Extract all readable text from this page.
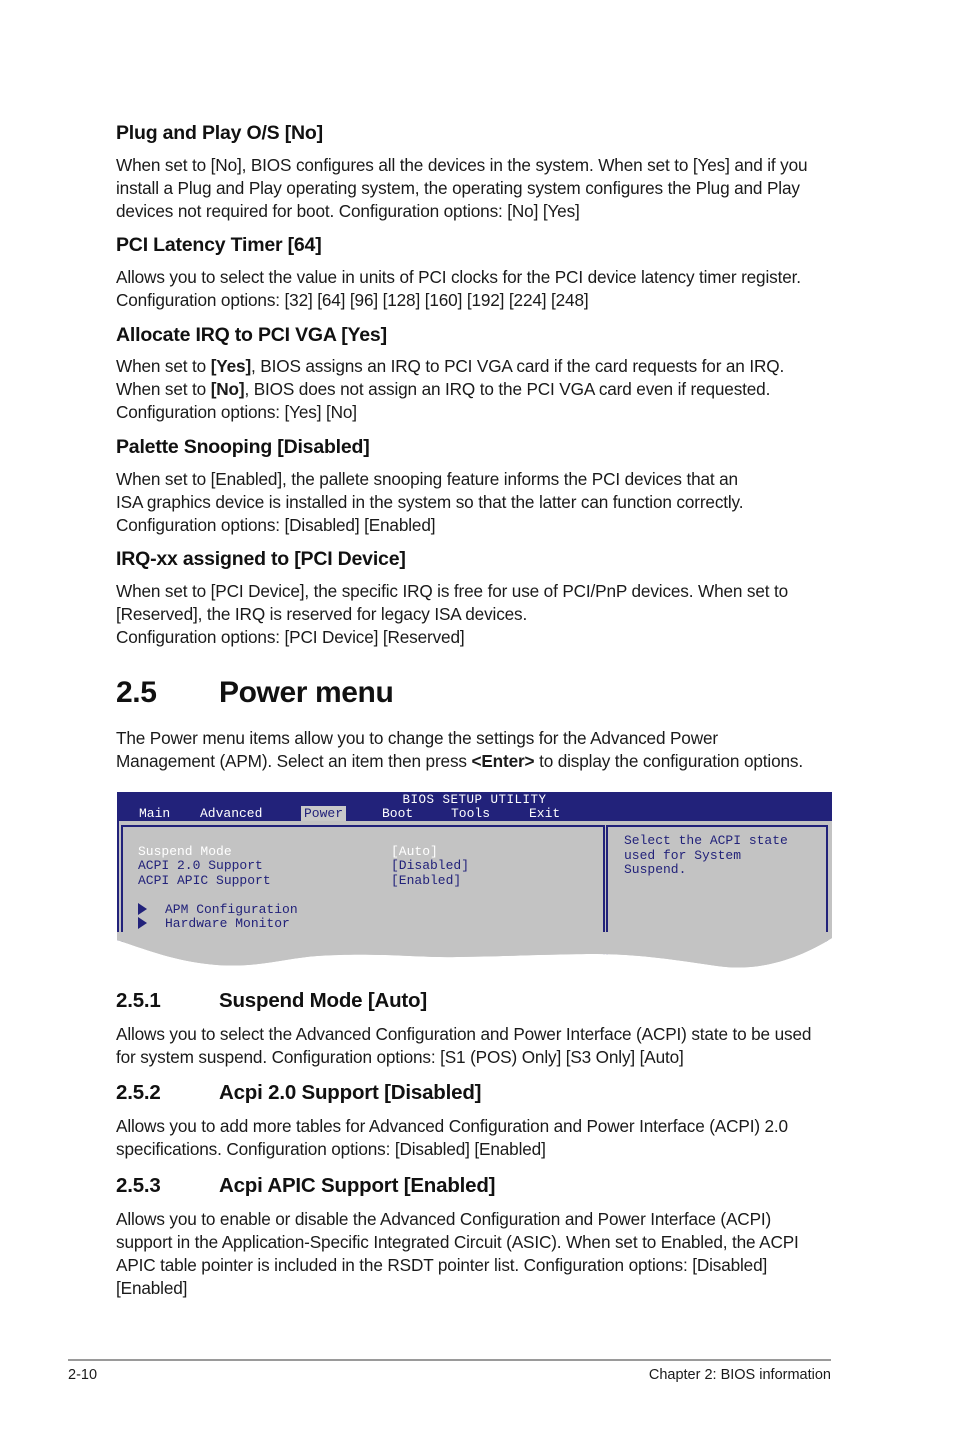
Plug and Play O/S [No]

When set to [No], BIOS configures all the devices in the system. When set to [Yes] and if you

install a Plug and Play operating system, the operating system configures the Plug and Play

devices not required for boot. Configuration options: [No] [Yes]

PCI Latency Timer [64]

Allows you to select the value in units of PCI clocks for the PCI device latency timer register.

Configuration options: [32] [64] [96] [128] [160] [192] [224] [248]

Allocate IRQ to PCI VGA [Yes]

When set to [Yes], BIOS assigns an IRQ to PCI VGA card if the card requests for an IRQ.

When set to [No], BIOS does not assign an IRQ to the PCI VGA card even if requested.

Configuration options: [Yes] [No]

Palette Snooping [Disabled]

When set to [Enabled], the pallete snooping feature informs the PCI devices that an

ISA graphics device is installed in the system so that the latter can function correctly.

Configuration options: [Disabled] [Enabled]

IRQ-xx assigned to [PCI Device]

When set to [PCI Device], the specific IRQ is free for use of PCI/PnP devices. When set to

[Reserved], the IRQ is reserved for legacy ISA devices.

Configuration options: [PCI Device] [Reserved]

2.5 Power menu

The Power menu items allow you to change the settings for the Advanced Power

Management (APM). Select an item then press <Enter> to display the configuration options.

BIOS SETUP UTILITY
Main Advanced	Power	Boot	Tools	Exit
Suspend Mode	[Auto]
ACPI 2.0 Support	[Disabled]
ACPI APIC Support	[Enabled]
APM Configuration
Hardware Monitor
Select the ACPI state
used for System
Suspend.
2.5.1	Suspend Mode [Auto]

Allows you to select the Advanced Configuration and Power Interface (ACPI) state to be used

for system suspend. Configuration options: [S1 (POS) Only] [S3 Only] [Auto]

2.5.2	Acpi 2.0 Support [Disabled]

Allows you to add more tables for Advanced Configuration and Power Interface (ACPI) 2.0

specifications. Configuration options: [Disabled] [Enabled]

2.5.3	Acpi APIC Support [Enabled]

Allows you to enable or disable the Advanced Configuration and Power Interface (ACPI)

support in the Application-Specific Integrated Circuit (ASIC). When set to Enabled, the ACPI

APIC table pointer is included in the RSDT pointer list. Configuration options: [Disabled]

[Enabled]

2-10	Chapter 2: BIOS information
